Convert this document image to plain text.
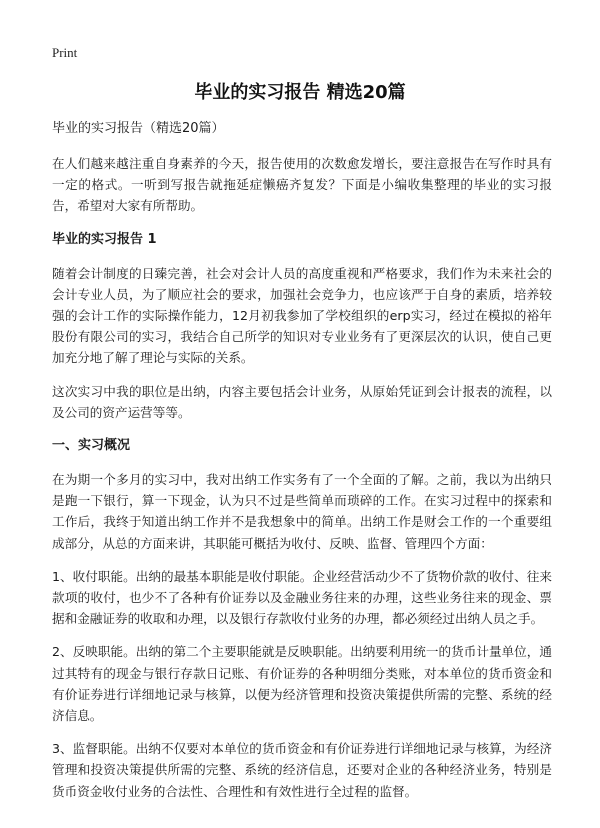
Print
毕业的实习报告 精选20篇

毕业的实习报告（精选20篇）

在人们越来越注重自身素养的今天，报告使用的次数愈发增长，要注意报告在写作时具有一定的格式。一听到写报告就拖延症懒癌齐复发？下面是小编收集整理的毕业的实习报告，希望对大家有所帮助。

毕业的实习报告 1

随着会计制度的日臻完善，社会对会计人员的高度重视和严格要求，我们作为未来社会的会计专业人员，为了顺应社会的要求，加强社会竞争力，也应该严于自身的素质，培养较强的会计工作的实际操作能力，12月初我参加了学校组织的erp实习，经过在模拟的裕年股份有限公司的实习，我结合自己所学的知识对专业业务有了更深层次的认识，使自己更加充分地了解了理论与实际的关系。

这次实习中我的职位是出纳，内容主要包括会计业务，从原始凭证到会计报表的流程，以及公司的资产运营等等。

一、实习概况

在为期一个多月的实习中，我对出纳工作实务有了一个全面的了解。之前，我以为出纳只是跑一下银行，算一下现金，认为只不过是些简单而琐碎的工作。在实习过程中的探索和工作后，我终于知道出纳工作并不是我想象中的简单。出纳工作是财会工作的一个重要组成部分，从总的方面来讲，其职能可概括为收付、反映、监督、管理四个方面：

1、收付职能。出纳的最基本职能是收付职能。企业经营活动少不了货物价款的收付、往来款项的收付，也少不了各种有价证券以及金融业务往来的办理，这些业务往来的现金、票据和金融证券的收取和办理，以及银行存款收付业务的办理，都必须经过出纳人员之手。

2、反映职能。出纳的第二个主要职能就是反映职能。出纳要利用统一的货币计量单位，通过其特有的现金与银行存款日记账、有价证券的各种明细分类账，对本单位的货币资金和有价证券进行详细地记录与核算，以便为经济管理和投资决策提供所需的完整、系统的经济信息。

3、监督职能。出纳不仅要对本单位的货币资金和有价证券进行详细地记录与核算，为经济管理和投资决策提供所需的完整、系统的经济信息，还要对企业的各种经济业务，特别是货币资金收付业务的合法性、合理性和有效性进行全过程的监督。
